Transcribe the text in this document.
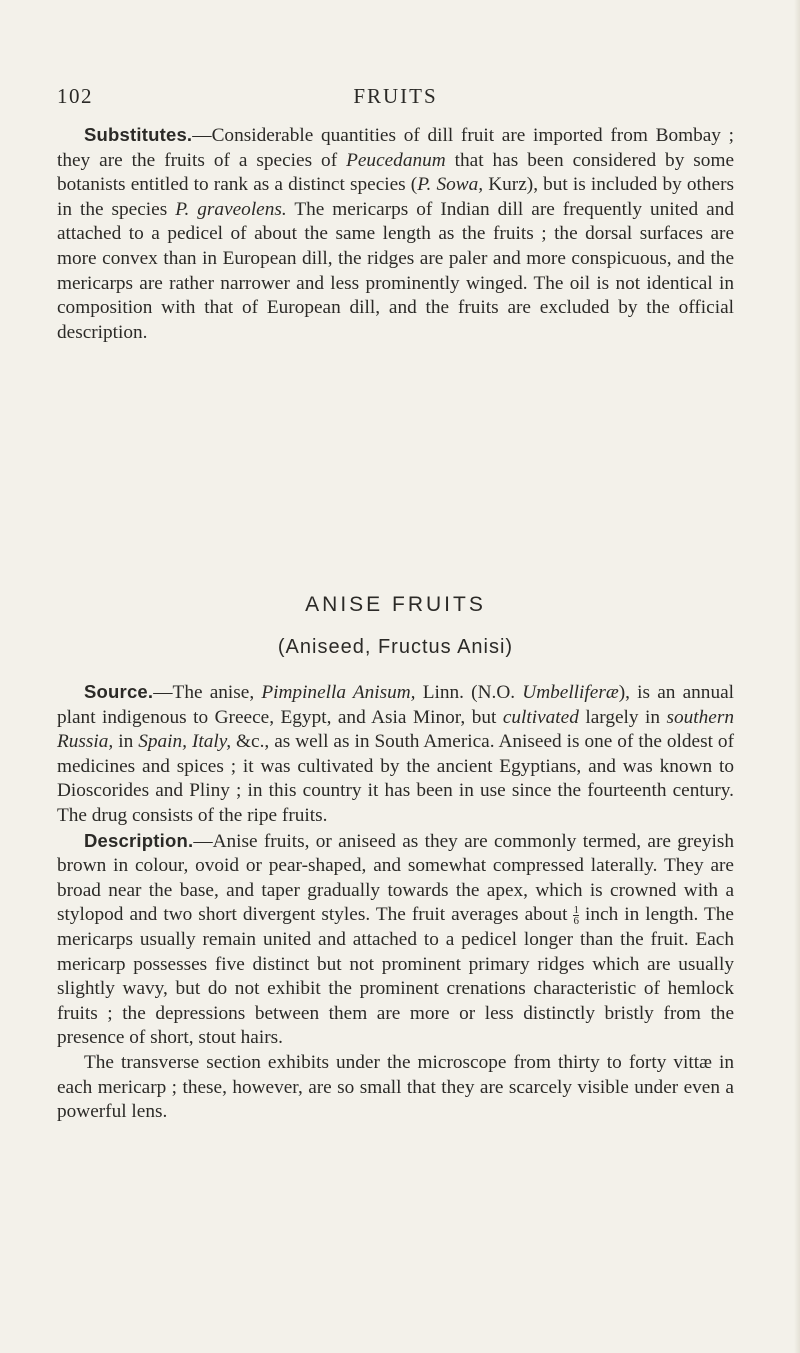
102	FRUITS

Substitutes.—Considerable quantities of dill fruit are imported from Bombay ; they are the fruits of a species of Peucedanum that has been considered by some botanists entitled to rank as a distinct species (P. Sowa, Kurz), but is included by others in the species P. graveolens. The mericarps of Indian dill are frequently united and attached to a pedicel of about the same length as the fruits ; the dorsal surfaces are more convex than in European dill, the ridges are paler and more conspicuous, and the mericarps are rather narrower and less prominently winged. The oil is not identical in composition with that of European dill, and the fruits are excluded by the official description.

ANISE FRUITS
(Aniseed, Fructus Anisi)

Source.—The anise, Pimpinella Anisum, Linn. (N.O. Umbelliferæ), is an annual plant indigenous to Greece, Egypt, and Asia Minor, but cultivated largely in southern Russia, in Spain, Italy, &c., as well as in South America. Aniseed is one of the oldest of medicines and spices ; it was cultivated by the ancient Egyptians, and was known to Dioscorides and Pliny ; in this country it has been in use since the fourteenth century. The drug consists of the ripe fruits.

Description.—Anise fruits, or aniseed as they are commonly termed, are greyish brown in colour, ovoid or pear-shaped, and somewhat compressed laterally. They are broad near the base, and taper gradually towards the apex, which is crowned with a stylopod and two short divergent styles. The fruit averages about $\frac{1}{6}$ inch in length. The mericarps usually remain united and attached to a pedicel longer than the fruit. Each mericarp possesses five distinct but not prominent primary ridges which are usually slightly wavy, but do not exhibit the prominent crenations characteristic of hemlock fruits ; the depressions between them are more or less distinctly bristly from the presence of short, stout hairs.

The transverse section exhibits under the microscope from thirty to forty vittæ in each mericarp ; these, however, are so small that they are scarcely visible under even a powerful lens.
